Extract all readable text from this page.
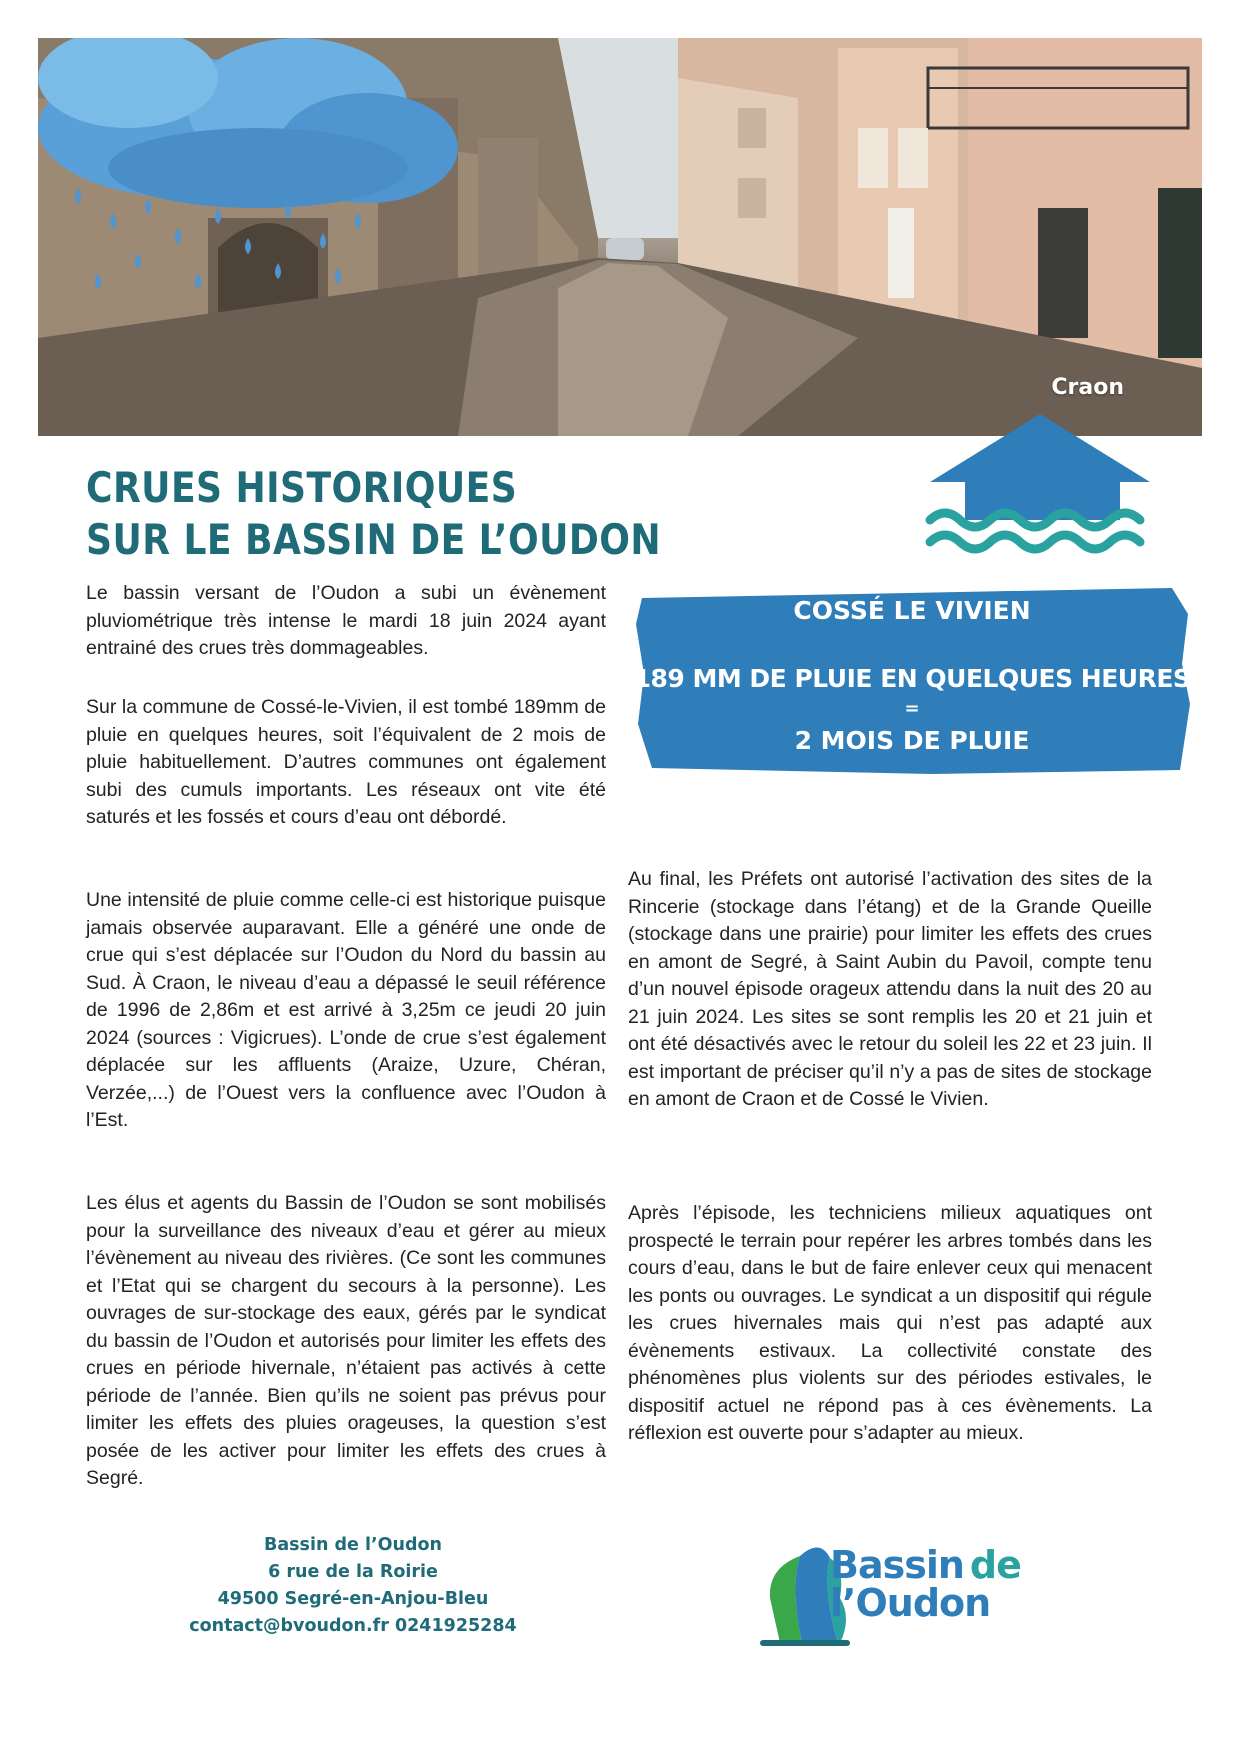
Craon
CRUES HISTORIQUES
SUR LE BASSIN DE L’OUDON
COSSÉ LE VIVIEN
189 MM DE PLUIE EN QUELQUES HEURES
=
2 MOIS DE PLUIE

Le bassin versant de l’Oudon a subi un évènement pluviométrique très intense le mardi 18 juin 2024 ayant entrainé des crues très dommageables.

Sur la commune de Cossé-le-Vivien, il est tombé 189mm de pluie en quelques heures, soit l’équivalent de 2 mois de pluie habituellement. D’autres communes ont également subi des cumuls importants. Les réseaux ont vite été saturés et les fossés et cours d’eau ont débordé.

Une intensité de pluie comme celle-ci est historique puisque jamais observée auparavant. Elle a généré une onde de crue qui s’est déplacée sur l’Oudon du Nord du bassin au Sud. À Craon, le niveau d’eau a dépassé le seuil référence de 1996 de 2,86m et est arrivé à 3,25m ce jeudi 20 juin 2024 (sources : Vigicrues). L’onde de crue s’est également déplacée sur les affluents (Araize, Uzure, Chéran, Verzée,...) de l’Ouest vers la confluence avec l’Oudon à l’Est.

Les élus et agents du Bassin de l’Oudon se sont mobilisés pour la surveillance des niveaux d’eau et gérer au mieux l’évènement au niveau des rivières. (Ce sont les communes et l’Etat qui se chargent du secours à la personne). Les ouvrages de sur-stockage des eaux, gérés par le syndicat du bassin de l’Oudon et autorisés pour limiter les effets des crues en période hivernale, n’étaient pas activés à cette période de l’année. Bien qu’ils ne soient pas prévus pour limiter les effets des pluies orageuses, la question s’est posée de les activer pour limiter les effets des crues à Segré.

Au final, les Préfets ont autorisé l’activation des sites de la Rincerie (stockage dans l’étang) et de la Grande Queille (stockage dans une prairie) pour limiter les effets des crues en amont de Segré, à Saint Aubin du Pavoil, compte tenu d’un nouvel épisode orageux attendu dans la nuit des 20 au 21 juin 2024. Les sites se sont remplis les 20 et 21 juin et ont été désactivés avec le retour du soleil les 22 et 23 juin. Il est important de préciser qu’il n’y a pas de sites de stockage en amont de Craon et de Cossé le Vivien.

Après l’épisode, les techniciens milieux aquatiques ont prospecté le terrain pour repérer les arbres tombés dans les cours d’eau, dans le but de faire enlever ceux qui menacent les ponts ou ouvrages. Le syndicat a un dispositif qui régule les crues hivernales mais qui n’est pas adapté aux évènements estivaux. La collectivité constate des phénomènes plus violents sur des périodes estivales, le dispositif actuel ne répond pas à ces évènements. La réflexion est ouverte pour s’adapter au mieux.

Bassin de l’Oudon
6 rue de la Roirie
49500 Segré-en-Anjou-Bleu
contact@bvoudon.fr 0241925284
Bassin de
l’Oudon
